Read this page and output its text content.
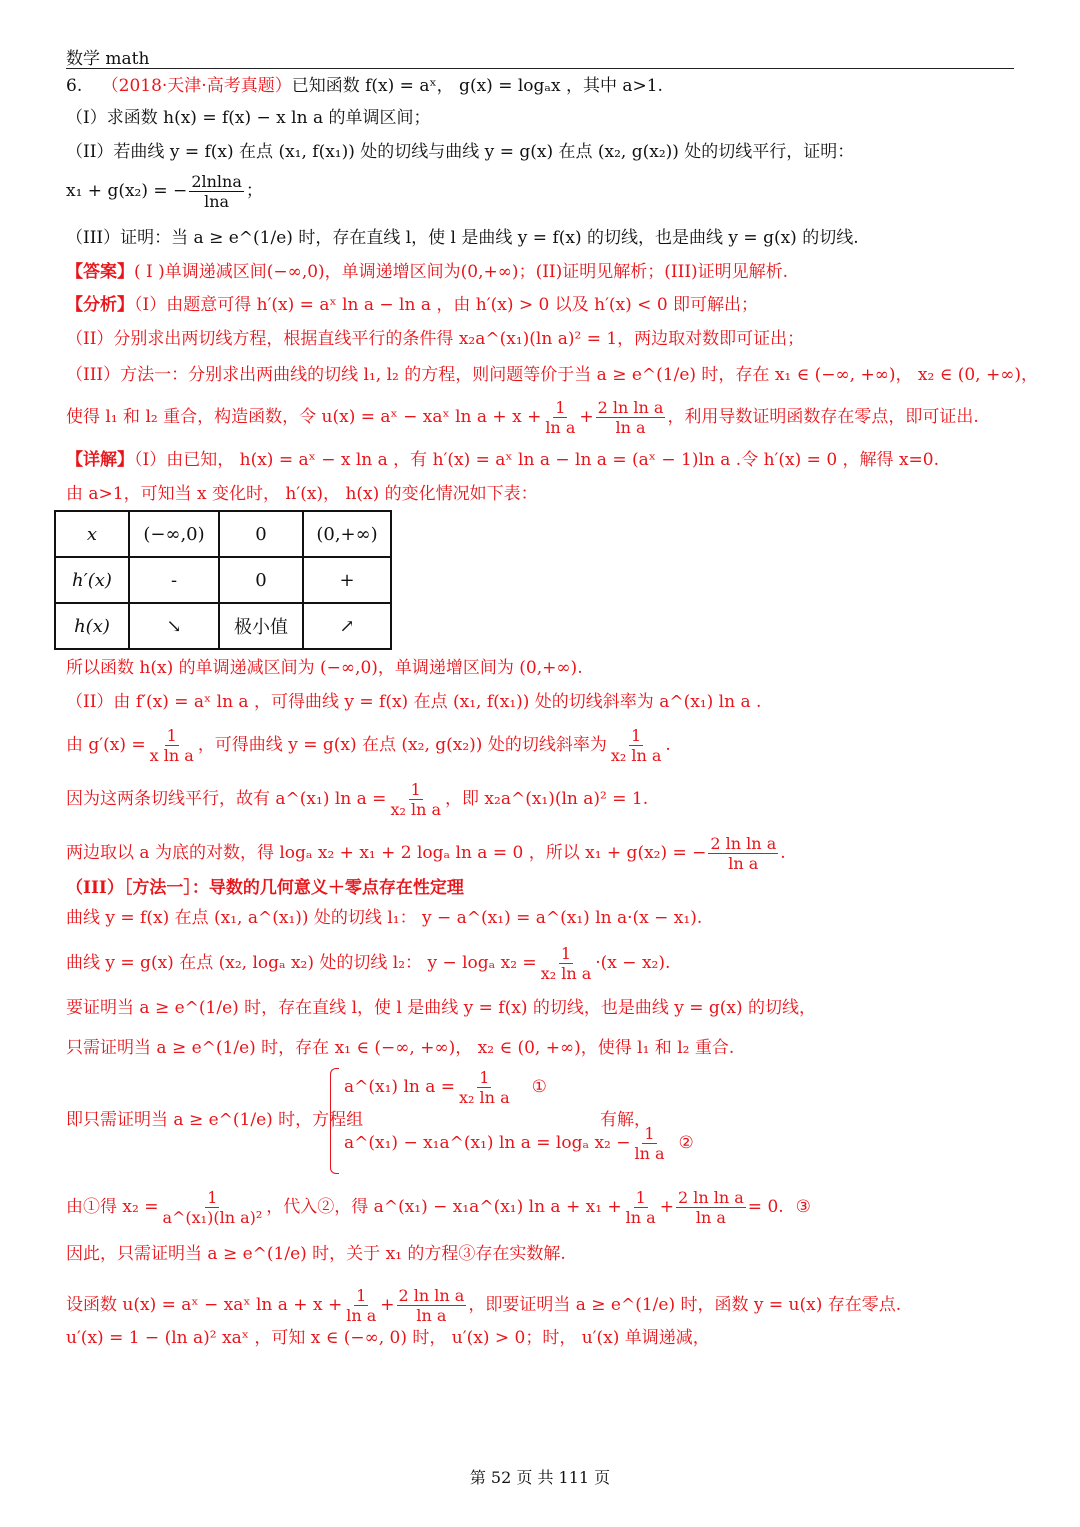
数学 math
6. （2018·天津·高考真题）已知函数 f(x) = aˣ， g(x) = logₐx ，其中 a>1.
（I）求函数 h(x) = f(x) − x ln a 的单调区间；
（II）若曲线 y = f(x) 在点 (x₁, f(x₁)) 处的切线与曲线 y = g(x) 在点 (x₂, g(x₂)) 处的切线平行，证明：
x₁ + g(x₂) = − $\frac{2lnlna}{\ln a}$ ；
（III）证明：当 a ≥ e^(1/e) 时，存在直线 l，使 l 是曲线 y = f(x) 的切线，也是曲线 y = g(x) 的切线.
【答案】( I )单调递减区间(−∞,0)，单调递增区间为(0,+∞)；(II)证明见解析；(III)证明见解析.
【分析】（I）由题意可得 h′(x) = aˣ ln a − ln a ，由 h′(x) > 0 以及 h′(x) < 0 即可解出；
（II）分别求出两切线方程，根据直线平行的条件得 x₂a^(x₁)(ln a)² = 1，两边取对数即可证出；
（III）方法一：分别求出两曲线的切线 l₁, l₂ 的方程，则问题等价于当 a ≥ e^(1/e) 时，存在 x₁ ∈ (−∞, +∞)， x₂ ∈ (0, +∞)，
使得 l₁ 和 l₂ 重合，构造函数，令 u(x) = aˣ − xaˣ $\ln a + x + \frac{1}{\text{ln a}} + \frac{\text{2 ln ln a}}{\text{ln a}}$ ，利用导数证明函数存在零点，即可证出.
【详解】（I）由已知， h(x) = aˣ − x ln a ，有 h′(x) = aˣ ln a − ln a = (aˣ − 1)ln a .令 h′(x) = 0 ，解得 x=0.
由 a>1，可知当 x 变化时， h′(x)， h(x) 的变化情况如下表：
x	(−∞,0)	0	(0,+∞)
h′(x)	-	0	+
h(x)	↘	极小值	↗
所以函数 h(x) 的单调递减区间为 (−∞,0)，单调递增区间为 (0,+∞).
（II）由 f′(x) = aˣ ln a ，可得曲线 y = f(x) 在点 (x₁, f(x₁)) 处的切线斜率为 a^(x₁) ln a .
由 $g'(x) = \frac{1}{\text{x ln a}}$ ，可得曲线 y = g(x) 在点 (x₂, g(x₂)) 处的切线斜率为 $\frac{1}{\text{x₂ ln a}}$ .
因为这两条切线平行，故有 a^(x₁) $\ln a = \frac{1}{\text{x₂ ln a}}$ ，即 x₂a^(x₁)(ln a)² = 1.
两边取以 a 为底的对数，得 logₐ x₂ + x₁ + 2 logₐ ln a = 0 ，所以 x₁ + g(x₂) = − $\frac{\text{2 ln ln a}}{\text{ln a}}$ .
（III）［方法一］：导数的几何意义＋零点存在性定理
曲线 y = f(x) 在点 (x₁, a^(x₁)) 处的切线 l₁： y − a^(x₁) = a^(x₁) ln a·(x − x₁).
曲线 y = g(x) 在点 (x₂, logₐ x₂) 处的切线 l₂： y − logₐ $x_2 = \frac{1}{\text{x₂ ln a}} \cdot(x - x_2)$.
要证明当 a ≥ e^(1/e) 时，存在直线 l，使 l 是曲线 y = f(x) 的切线，也是曲线 y = g(x) 的切线，
只需证明当 a ≥ e^(1/e) 时，存在 x₁ ∈ (−∞, +∞)， x₂ ∈ (0, +∞)，使得 l₁ 和 l₂ 重合.
即只需证明当 a ≥ e^(1/e) 时，方程组
a^(x₁) $\ln a = \frac{1}{\text{x₂ ln a}}$ ①
a^(x₁) − x₁a^(x₁) ln a = logₐ $x_2 - \frac{1}{\text{ln a}}$ ②
有解，
由①得 $x_2 = \frac{1}{\text{a\textasciicircum{}(x₁)(ln a)²}}$ ，代入②，得 a^(x₁) − x₁a^(x₁) $\ln a + x_1 + \frac{1}{\text{ln a}} + \frac{\text{2 ln ln a}}{\text{ln a}} = 0$. ③
因此，只需证明当 a ≥ e^(1/e) 时，关于 x₁ 的方程③存在实数解.
设函数 u(x) = aˣ − xaˣ $\ln a + x + \frac{1}{\text{ln a}} + \frac{\text{2 ln ln a}}{\text{ln a}}$ ，即要证明当 a ≥ e^(1/e) 时，函数 y = u(x) 存在零点.
u′(x) = 1 − (ln a)² xaˣ ，可知 x ∈ (−∞, 0) 时， u′(x) > 0；时， u′(x) 单调递减，
第 52 页 共 111 页
